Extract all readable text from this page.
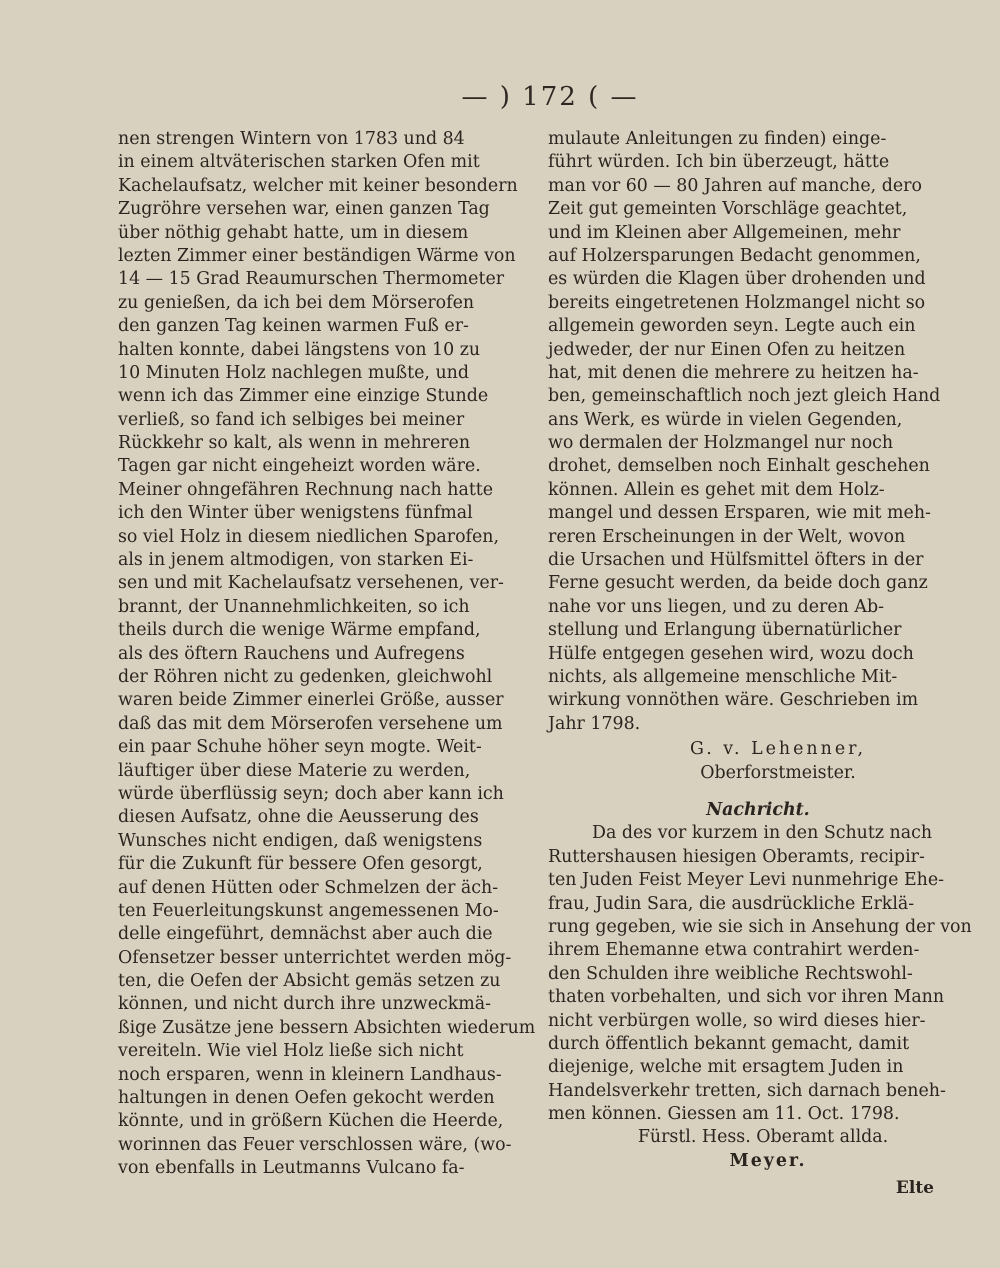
— ) 172 ( —
nen strengen Wintern von 1783 und 84
in einem altväterischen starken Ofen mit
Kachelaufsatz, welcher mit keiner besondern
Zugröhre versehen war, einen ganzen Tag
über nöthig gehabt hatte, um in diesem
lezten Zimmer einer beständigen Wärme von
14 — 15 Grad Reaumurschen Thermometer
zu genießen, da ich bei dem Mörserofen
den ganzen Tag keinen warmen Fuß er-
halten konnte, dabei längstens von 10 zu
10 Minuten Holz nachlegen mußte, und
wenn ich das Zimmer eine einzige Stunde
verließ, so fand ich selbiges bei meiner
Rückkehr so kalt, als wenn in mehreren
Tagen gar nicht eingeheizt worden wäre.
Meiner ohngefähren Rechnung nach hatte
ich den Winter über wenigstens fünfmal
so viel Holz in diesem niedlichen Sparofen,
als in jenem altmodigen, von starken Ei-
sen und mit Kachelaufsatz versehenen, ver-
brannt, der Unannehmlichkeiten, so ich
theils durch die wenige Wärme empfand,
als des öftern Rauchens und Aufregens
der Röhren nicht zu gedenken, gleichwohl
waren beide Zimmer einerlei Größe, ausser
daß das mit dem Mörserofen versehene um
ein paar Schuhe höher seyn mogte. Weit-
läuftiger über diese Materie zu werden,
würde überflüssig seyn; doch aber kann ich
diesen Aufsatz, ohne die Aeusserung des
Wunsches nicht endigen, daß wenigstens
für die Zukunft für bessere Ofen gesorgt,
auf denen Hütten oder Schmelzen der äch-
ten Feuerleitungskunst angemessenen Mo-
delle eingeführt, demnächst aber auch die
Ofensetzer besser unterrichtet werden mög-
ten, die Oefen der Absicht gemäs setzen zu
können, und nicht durch ihre unzweckmä-
ßige Zusätze jene bessern Absichten wiederum
vereiteln. Wie viel Holz ließe sich nicht
noch ersparen, wenn in kleinern Landhaus-
haltungen in denen Oefen gekocht werden
könnte, und in größern Küchen die Heerde,
worinnen das Feuer verschlossen wäre, (wo-
von ebenfalls in Leutmanns Vulcano fa-
mulaute Anleitungen zu finden) einge-
führt würden. Ich bin überzeugt, hätte
man vor 60 — 80 Jahren auf manche, dero
Zeit gut gemeinten Vorschläge geachtet,
und im Kleinen aber Allgemeinen, mehr
auf Holzersparungen Bedacht genommen,
es würden die Klagen über drohenden und
bereits eingetretenen Holzmangel nicht so
allgemein geworden seyn. Legte auch ein
jedweder, der nur Einen Ofen zu heitzen
hat, mit denen die mehrere zu heitzen ha-
ben, gemeinschaftlich noch jezt gleich Hand
ans Werk, es würde in vielen Gegenden,
wo dermalen der Holzmangel nur noch
drohet, demselben noch Einhalt geschehen
können. Allein es gehet mit dem Holz-
mangel und dessen Ersparen, wie mit meh-
reren Erscheinungen in der Welt, wovon
die Ursachen und Hülfsmittel öfters in der
Ferne gesucht werden, da beide doch ganz
nahe vor uns liegen, und zu deren Ab-
stellung und Erlangung übernatürlicher
Hülfe entgegen gesehen wird, wozu doch
nichts, als allgemeine menschliche Mit-
wirkung vonnöthen wäre. Geschrieben im
Jahr 1798.
G. v. Lehenner,
Oberforstmeister.
Nachricht.
Da des vor kurzem in den Schutz nach
Ruttershausen hiesigen Oberamts, recipir-
ten Juden Feist Meyer Levi nunmehrige Ehe-
frau, Judin Sara, die ausdrückliche Erklä-
rung gegeben, wie sie sich in Ansehung der von
ihrem Ehemanne etwa contrahirt werden-
den Schulden ihre weibliche Rechtswohl-
thaten vorbehalten, und sich vor ihren Mann
nicht verbürgen wolle, so wird dieses hier-
durch öffentlich bekannt gemacht, damit
diejenige, welche mit ersagtem Juden in
Handelsverkehr tretten, sich darnach beneh-
men können. Giessen am 11. Oct. 1798.
Fürstl. Hess. Oberamt allda.
Meyer.
Elte
